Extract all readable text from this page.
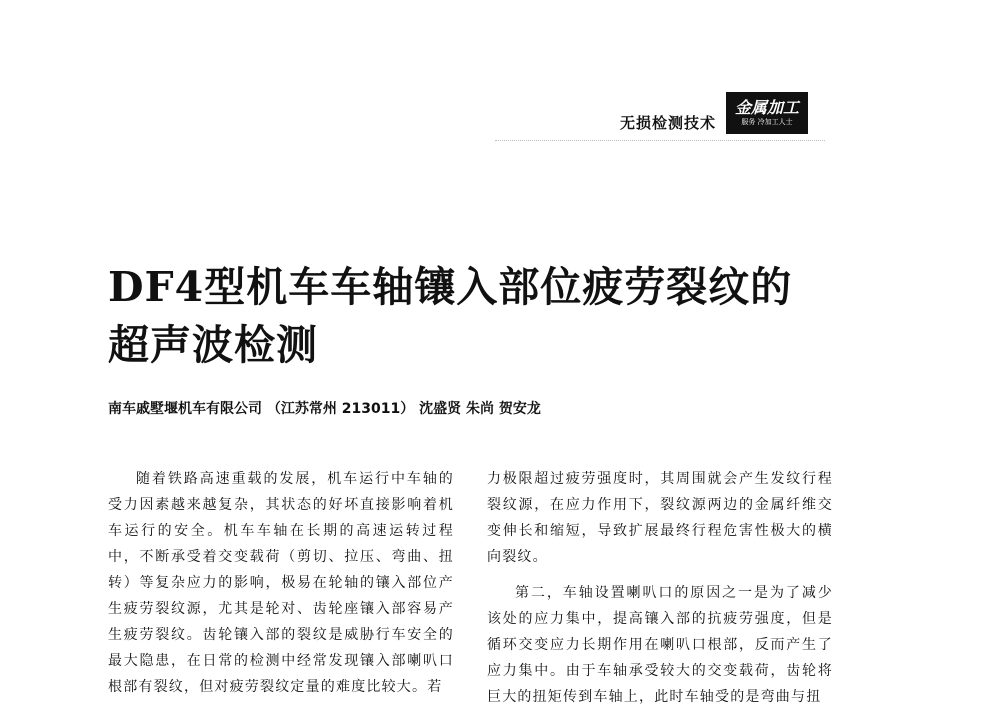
无损检测技术
金属加工
服务 冷加工人士
DF4型机车车轴镶入部位疲劳裂纹的
超声波检测
南车戚墅堰机车有限公司 （江苏常州 213011） 沈盛贤 朱尚 贺安龙

随着铁路高速重载的发展，机车运行中车轴的受力因素越来越复杂，其状态的好坏直接影响着机车运行的安全。机车车轴在长期的高速运转过程中，不断承受着交变载荷（剪切、拉压、弯曲、扭转）等复杂应力的影响，极易在轮轴的镶入部位产生疲劳裂纹源，尤其是轮对、齿轮座镶入部容易产生疲劳裂纹。齿轮镶入部的裂纹是威胁行车安全的最大隐患，在日常的检测中经常发现镶入部喇叭口根部有裂纹，但对疲劳裂纹定量的难度比较大。若

力极限超过疲劳强度时，其周围就会产生发纹行程裂纹源，在应力作用下，裂纹源两边的金属纤维交变伸长和缩短，导致扩展最终行程危害性极大的横向裂纹。

第二，车轴设置喇叭口的原因之一是为了减少该处的应力集中，提高镶入部的抗疲劳强度，但是循环交变应力长期作用在喇叭口根部，反而产生了应力集中。由于车轴承受较大的交变载荷，齿轮将巨大的扭矩传到车轴上，此时车轴受的是弯曲与扭
